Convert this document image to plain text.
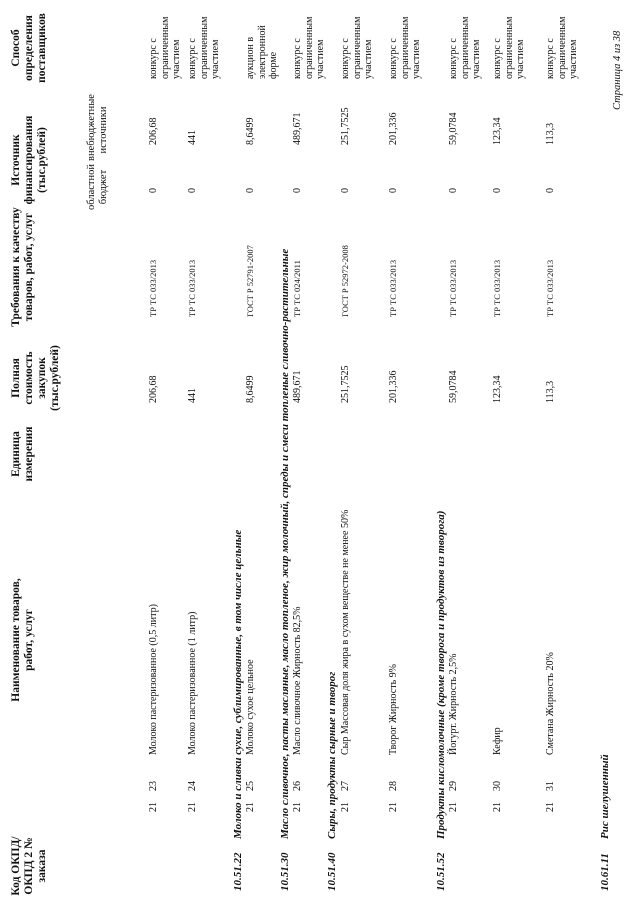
Код ОКПД/ ОКПД 2 № заказа
Наименование товаров, работ, услуг
Единица измерения
Полная стоимость закупок (тыс.рублей)
Требования к качеству товаров, работ, услуг
Источник финансирования (тыс.рублей)	областной бюджет
внебюджетные источники
Способ определения поставщиков
10.51.22Молоко и сливки сухие, сублимированные, в том числе цельные
10.51.30Масло сливочное, пасты масляные, масло топленое, жир молочный, спреды и смеси топленые сливочно-растительные
10.51.40Сыры, продукты сырные и творог
10.51.52Продукты кисломолочные (кроме творога и продуктов из творога)
10.61.11Рис шелушенный
21
23
Молоко пастеризованное (0,5 литр)
206,68
ТР ТС 033/2013
0
206,68
конкурс с ограниченным участием
21
24
Молоко пастеризованное (1 литр)
441
ТР ТС 033/2013
0
441
конкурс с ограниченным участием
21
25
Молоко сухое цельное
8,6499
ГОСТ Р 52791-2007
0
8,6499
аукцион в электронной форме
21
26
Масло сливочное Жирность 82,5%
489,671
ТР ТС 024/2011
0
489,671
конкурс с ограниченным участием
21
27
Сыр Массовая доля жира в сухом веществе не менее 50%
251,7525
ГОСТ Р 52972-2008
0
251,7525
конкурс с ограниченным участием
21
28
Творог Жирность 9%
201,336
ТР ТС 033/2013
0
201,336
конкурс с ограниченным участием
21
29
Йогурт. Жирность 2,5%
59,0784
ТР ТС 033/2013
0
59,0784
конкурс с ограниченным участием
21
30
Кефир
123,34
ТР ТС 033/2013
0
123,34
конкурс с ограниченным участием
21
31
Сметана Жирность 20%
113,3
ТР ТС 033/2013
0
113,3
конкурс с ограниченным участием	Страница 4 из 38
